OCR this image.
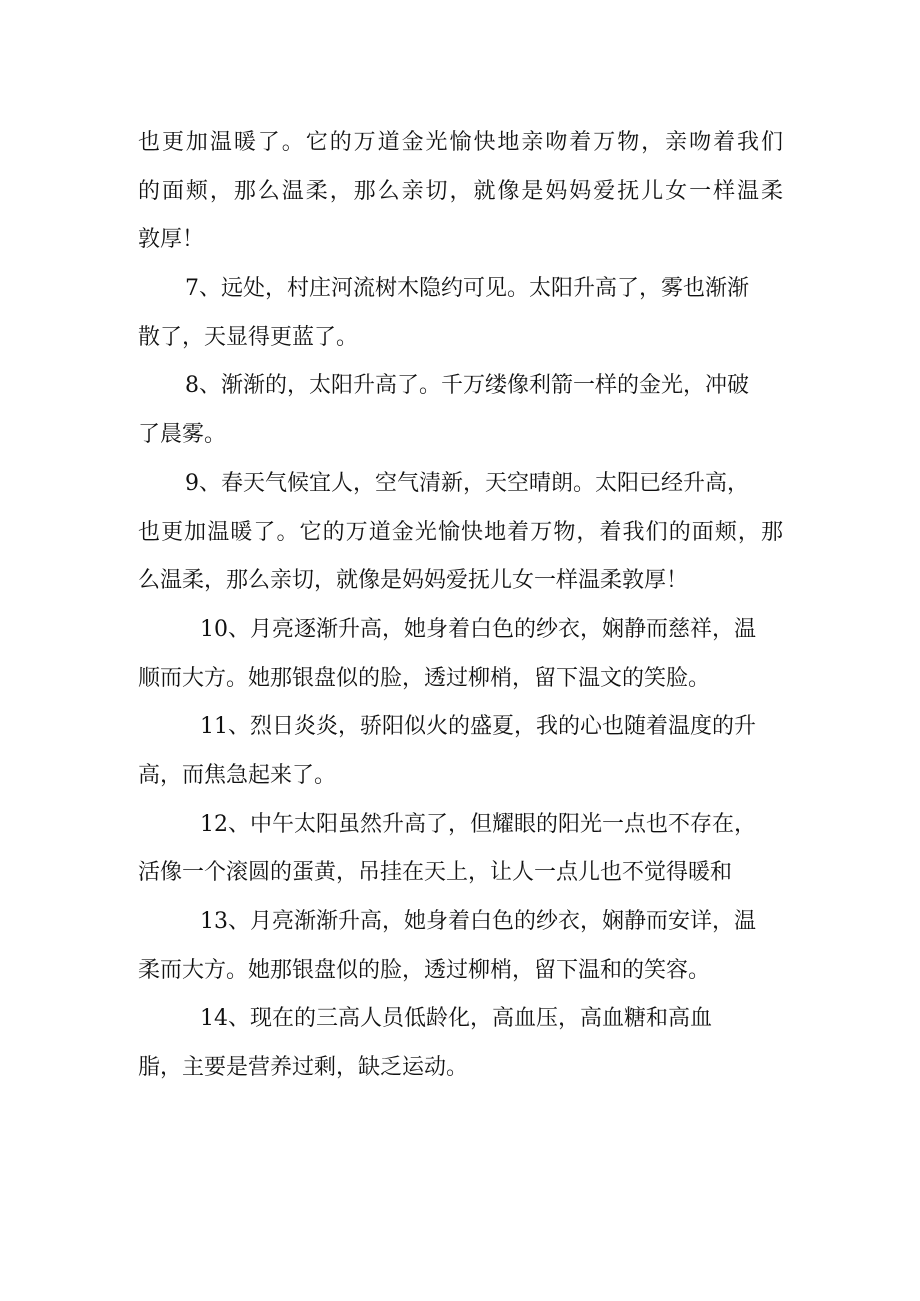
也更加温暖了。它的万道金光愉快地亲吻着万物，亲吻着我们
的面颊，那么温柔，那么亲切，就像是妈妈爱抚儿女一样温柔
敦厚！
7、远处，村庄河流树木隐约可见。太阳升高了，雾也渐渐
散了，天显得更蓝了。
8、渐渐的，太阳升高了。千万缕像利箭一样的金光，冲破
了晨雾。
9、春天气候宜人，空气清新，天空晴朗。太阳已经升高，
也更加温暖了。它的万道金光愉快地着万物，着我们的面颊，那
么温柔，那么亲切，就像是妈妈爱抚儿女一样温柔敦厚！
10、月亮逐渐升高，她身着白色的纱衣，娴静而慈祥，温
顺而大方。她那银盘似的脸，透过柳梢，留下温文的笑脸。
11、烈日炎炎，骄阳似火的盛夏，我的心也随着温度的升
高，而焦急起来了。
12、中午太阳虽然升高了，但耀眼的阳光一点也不存在，
活像一个滚圆的蛋黄，吊挂在天上，让人一点儿也不觉得暖和
13、月亮渐渐升高，她身着白色的纱衣，娴静而安详，温
柔而大方。她那银盘似的脸，透过柳梢，留下温和的笑容。
14、现在的三高人员低龄化，高血压，高血糖和高血
脂，主要是营养过剩，缺乏运动。
